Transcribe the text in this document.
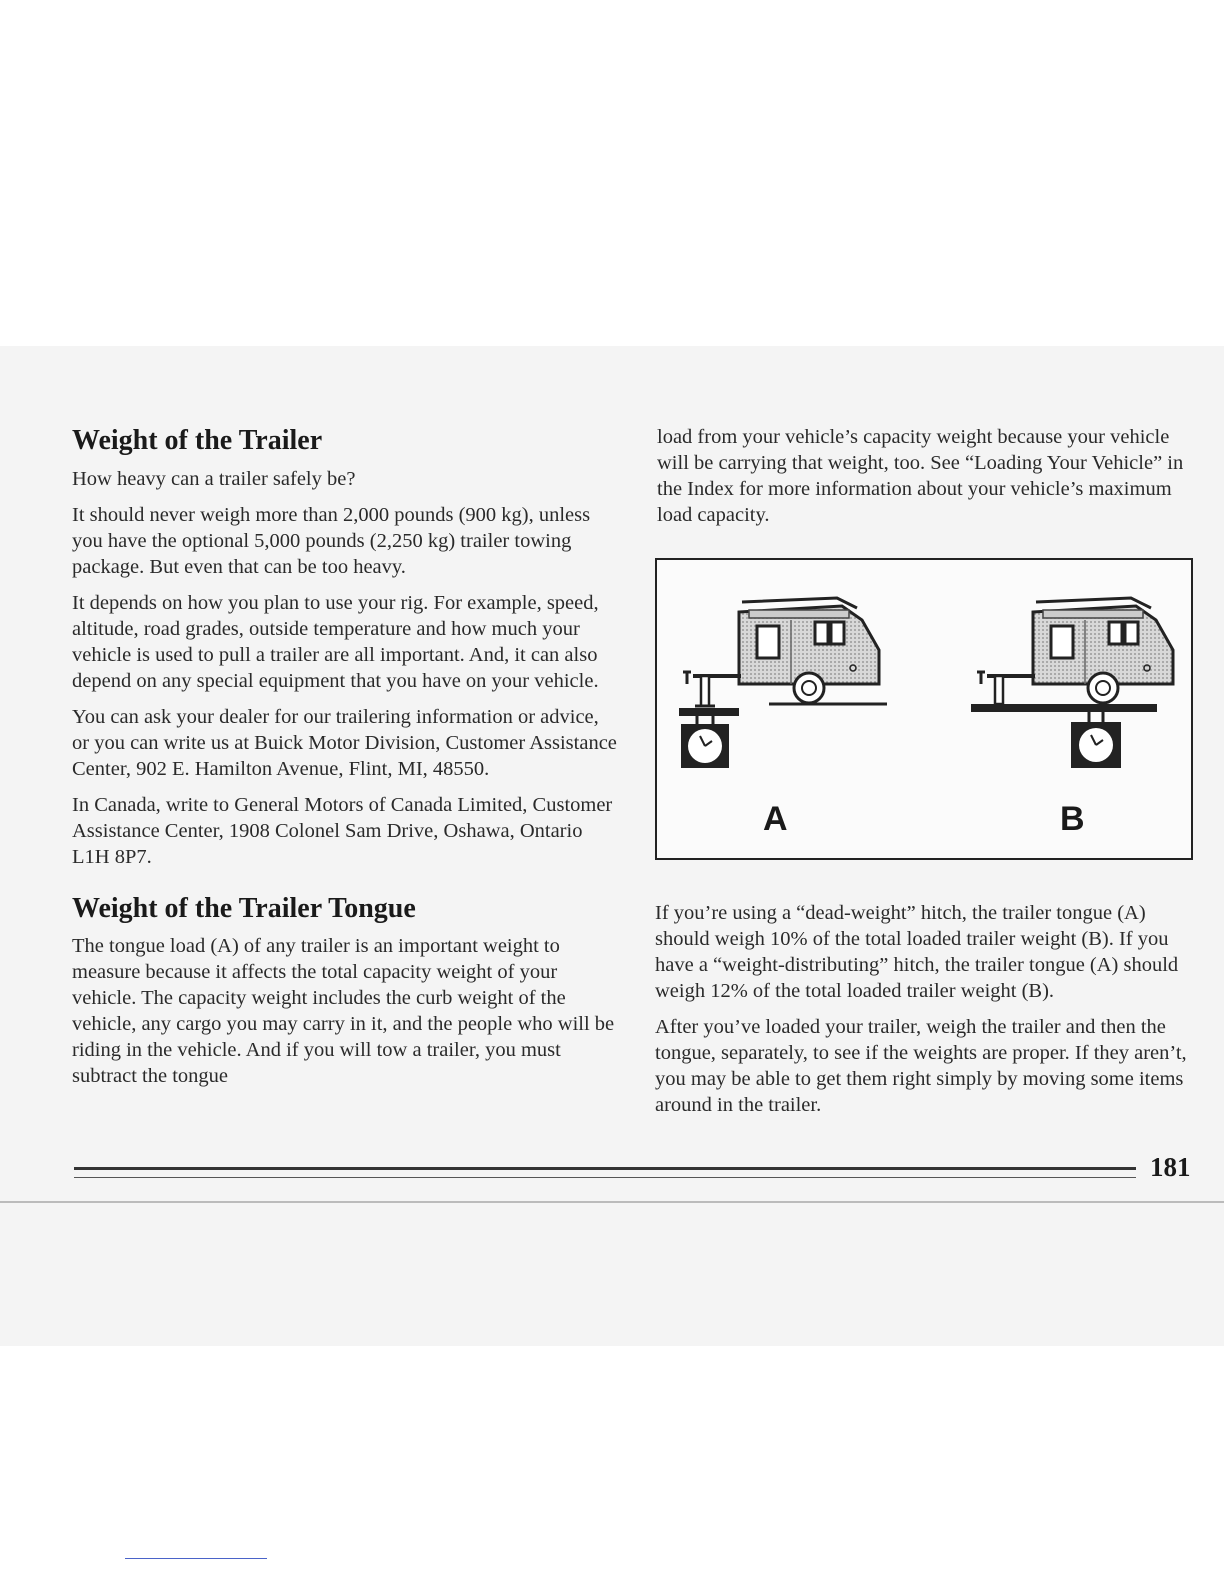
Weight of the Trailer

How heavy can a trailer safely be?

It should never weigh more than 2,000 pounds (900 kg), unless you have the optional 5,000 pounds (2,250 kg) trailer towing package. But even that can be too heavy.

It depends on how you plan to use your rig. For example, speed, altitude, road grades, outside temperature and how much your vehicle is used to pull a trailer are all important. And, it can also depend on any special equipment that you have on your vehicle.

You can ask your dealer for our trailering information or advice, or you can write us at Buick Motor Division, Customer Assistance Center, 902 E. Hamilton Avenue, Flint, MI, 48550.

In Canada, write to General Motors of Canada Limited, Customer Assistance Center, 1908 Colonel Sam Drive, Oshawa, Ontario L1H 8P7.

Weight of the Trailer Tongue

The tongue load (A) of any trailer is an important weight to measure because it affects the total capacity weight of your vehicle. The capacity weight includes the curb weight of the vehicle, any cargo you may carry in it, and the people who will be riding in the vehicle. And if you will tow a trailer, you must subtract the tongue

load from your vehicle’s capacity weight because your vehicle will be carrying that weight, too. See “Loading Your Vehicle” in the Index for more information about your vehicle’s maximum load capacity.

A	B

If you’re using a “dead-weight” hitch, the trailer tongue (A) should weigh 10% of the total loaded trailer weight (B). If you have a “weight-distributing” hitch, the trailer tongue (A) should weigh 12% of the total loaded trailer weight (B).

After you’ve loaded your trailer, weigh the trailer and then the tongue, separately, to see if the weights are proper. If they aren’t, you may be able to get them right simply by moving some items around in the trailer.

181
